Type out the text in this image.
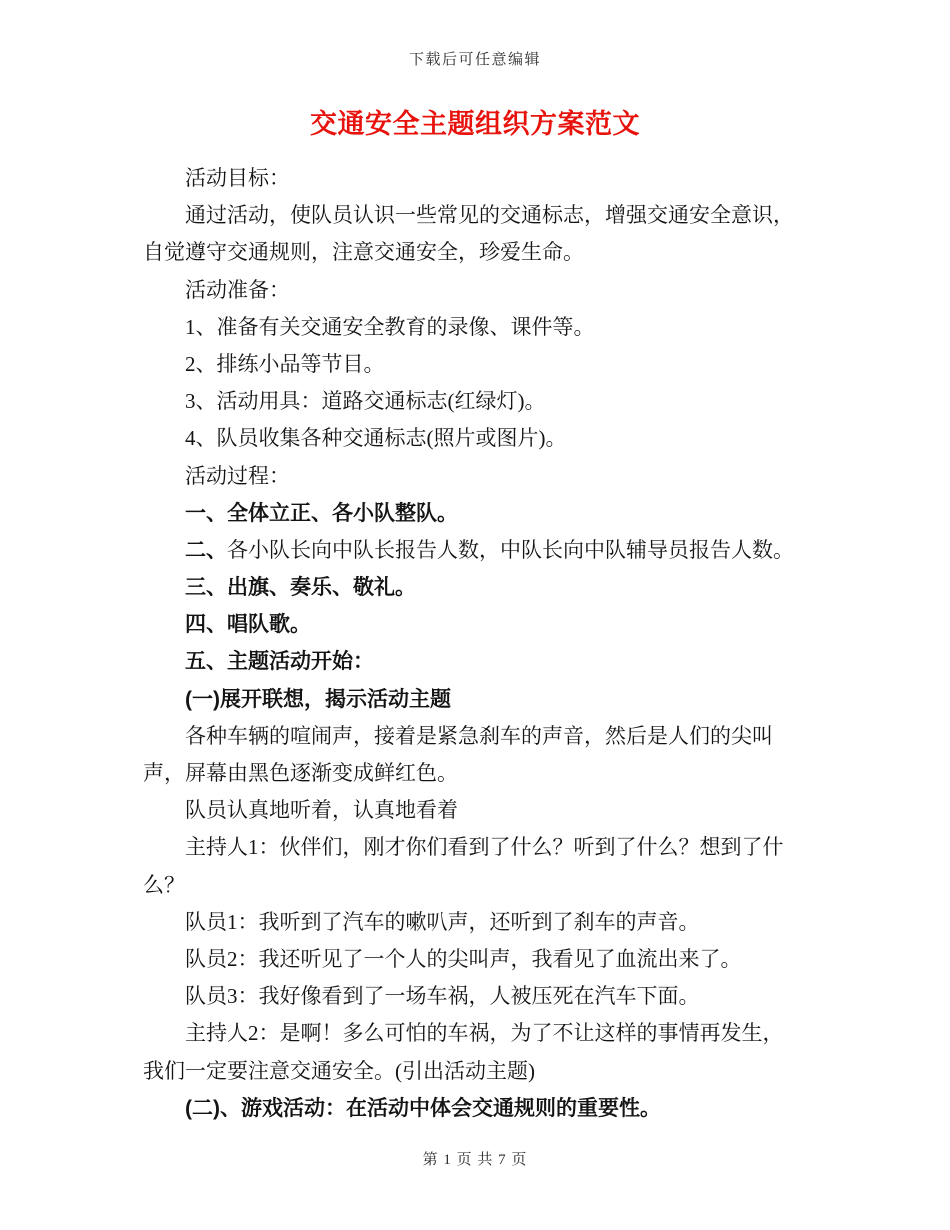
下载后可任意编辑
交通安全主题组织方案范文
活动目标：
通过活动，使队员认识一些常见的交通标志，增强交通安全意识，
自觉遵守交通规则，注意交通安全，珍爱生命。
活动准备：
1、准备有关交通安全教育的录像、课件等。
2、排练小品等节目。
3、活动用具：道路交通标志(红绿灯)。
4、队员收集各种交通标志(照片或图片)。
活动过程：
一、全体立正、各小队整队。
二、各小队长向中队长报告人数，中队长向中队辅导员报告人数。
三、出旗、奏乐、敬礼。
四、唱队歌。
五、主题活动开始：
(一)展开联想，揭示活动主题
各种车辆的喧闹声，接着是紧急刹车的声音，然后是人们的尖叫
声，屏幕由黑色逐渐变成鲜红色。
队员认真地听着，认真地看着
主持人1：伙伴们，刚才你们看到了什么？听到了什么？想到了什
么？
队员1：我听到了汽车的嗽叭声，还听到了刹车的声音。
队员2：我还听见了一个人的尖叫声，我看见了血流出来了。
队员3：我好像看到了一场车祸，人被压死在汽车下面。
主持人2：是啊！多么可怕的车祸，为了不让这样的事情再发生，
我们一定要注意交通安全。(引出活动主题)
(二)、游戏活动：在活动中体会交通规则的重要性。
第 1 页 共 7 页
